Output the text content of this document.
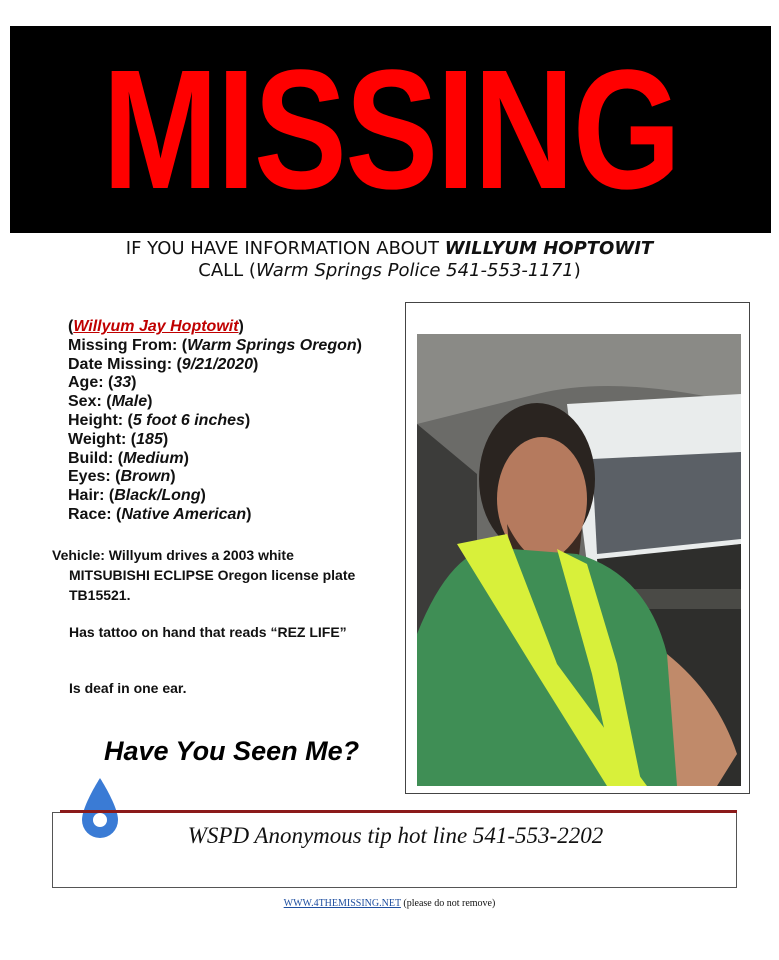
MISSING
IF YOU HAVE INFORMATION ABOUT WILLYUM HOPTOWIT
CALL (Warm Springs Police 541-553-1171)
(Willyum Jay Hoptowit)
Missing From: (Warm Springs Oregon)
Date Missing: (9/21/2020)
Age: (33)
Sex: (Male)
Height: (5 foot 6 inches)
Weight: (185)
Build: (Medium)
Eyes: (Brown)
Hair: (Black/Long)
Race: (Native American)
Vehicle: Willyum drives a 2003 white
MITSUBISHI ECLIPSE Oregon license plate
TB15521.
Has tattoo on hand that reads “REZ LIFE”
Is deaf in one ear.
Have You Seen Me?
WSPD Anonymous tip hot line 541-553-2202
WWW.4THEMISSING.NET (please do not remove)
